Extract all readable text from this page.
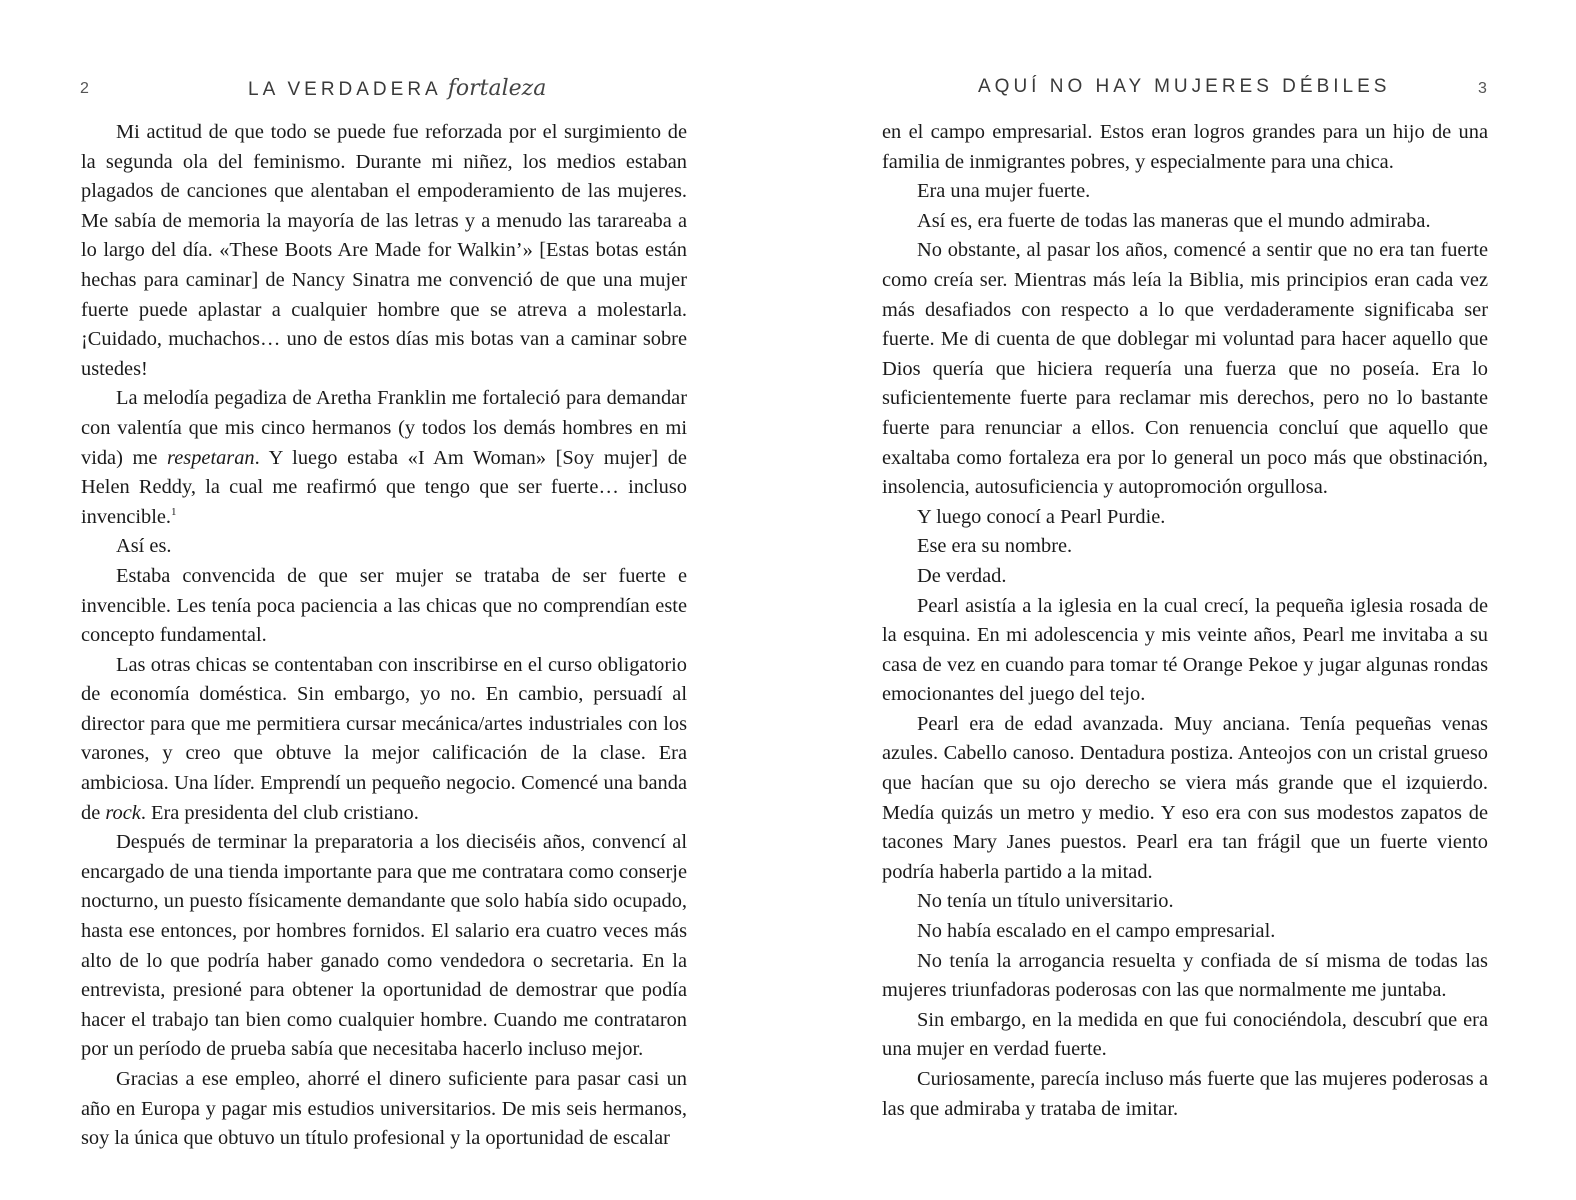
2	LA VERDADERA fortaleza

Mi actitud de que todo se puede fue reforzada por el surgimiento de la segunda ola del feminismo. Durante mi niñez, los medios estaban plagados de canciones que alentaban el empoderamiento de las mujeres. Me sabía de memoria la mayoría de las letras y a menudo las tarareaba a lo largo del día. «These Boots Are Made for Walkin’» [Estas botas están hechas para caminar] de Nancy Sinatra me convenció de que una mujer fuerte puede aplastar a cualquier hombre que se atreva a molestarla. ¡Cuidado, muchachos… uno de estos días mis botas van a caminar sobre ustedes!

La melodía pegadiza de Aretha Franklin me fortaleció para demandar con valentía que mis cinco hermanos (y todos los demás hombres en mi vida) me respetaran. Y luego estaba «I Am Woman» [Soy mujer] de Helen Reddy, la cual me reafirmó que tengo que ser fuerte… incluso invencible.$^1$

Así es.

Estaba convencida de que ser mujer se trataba de ser fuerte e invencible. Les tenía poca paciencia a las chicas que no comprendían este concepto fundamental.

Las otras chicas se contentaban con inscribirse en el curso obligatorio de economía doméstica. Sin embargo, yo no. En cambio, persuadí al director para que me permitiera cursar mecánica/artes industriales con los varones, y creo que obtuve la mejor calificación de la clase. Era ambiciosa. Una líder. Emprendí un pequeño negocio. Comencé una banda de rock. Era presidenta del club cristiano.

Después de terminar la preparatoria a los dieciséis años, convencí al encargado de una tienda importante para que me contratara como conserje nocturno, un puesto físicamente demandante que solo había sido ocupado, hasta ese entonces, por hombres fornidos. El salario era cuatro veces más alto de lo que podría haber ganado como vendedora o secretaria. En la entrevista, presioné para obtener la oportunidad de demostrar que podía hacer el trabajo tan bien como cualquier hombre. Cuando me contrataron por un período de prueba sabía que necesitaba hacerlo incluso mejor.

Gracias a ese empleo, ahorré el dinero suficiente para pasar casi un año en Europa y pagar mis estudios universitarios. De mis seis hermanos, soy la única que obtuvo un título profesional y la oportunidad de escalar

AQUÍ NO HAY MUJERES DÉBILES	3

en el campo empresarial. Estos eran logros grandes para un hijo de una familia de inmigrantes pobres, y especialmente para una chica.

Era una mujer fuerte.

Así es, era fuerte de todas las maneras que el mundo admiraba.

No obstante, al pasar los años, comencé a sentir que no era tan fuerte como creía ser. Mientras más leía la Biblia, mis principios eran cada vez más desafiados con respecto a lo que verdaderamente significaba ser fuerte. Me di cuenta de que doblegar mi voluntad para hacer aquello que Dios quería que hiciera requería una fuerza que no poseía. Era lo suficientemente fuerte para reclamar mis derechos, pero no lo bastante fuerte para renunciar a ellos. Con renuencia concluí que aquello que exaltaba como fortaleza era por lo general un poco más que obstinación, insolencia, autosuficiencia y autopromoción orgullosa.

Y luego conocí a Pearl Purdie.

Ese era su nombre.

De verdad.

Pearl asistía a la iglesia en la cual crecí, la pequeña iglesia rosada de la esquina. En mi adolescencia y mis veinte años, Pearl me invitaba a su casa de vez en cuando para tomar té Orange Pekoe y jugar algunas rondas emocionantes del juego del tejo.

Pearl era de edad avanzada. Muy anciana. Tenía pequeñas venas azules. Cabello canoso. Dentadura postiza. Anteojos con un cristal grueso que hacían que su ojo derecho se viera más grande que el izquierdo. Medía quizás un metro y medio. Y eso era con sus modestos zapatos de tacones Mary Janes puestos. Pearl era tan frágil que un fuerte viento podría haberla partido a la mitad.

No tenía un título universitario.

No había escalado en el campo empresarial.

No tenía la arrogancia resuelta y confiada de sí misma de todas las mujeres triunfadoras poderosas con las que normalmente me juntaba.

Sin embargo, en la medida en que fui conociéndola, descubrí que era una mujer en verdad fuerte.

Curiosamente, parecía incluso más fuerte que las mujeres poderosas a las que admiraba y trataba de imitar.
